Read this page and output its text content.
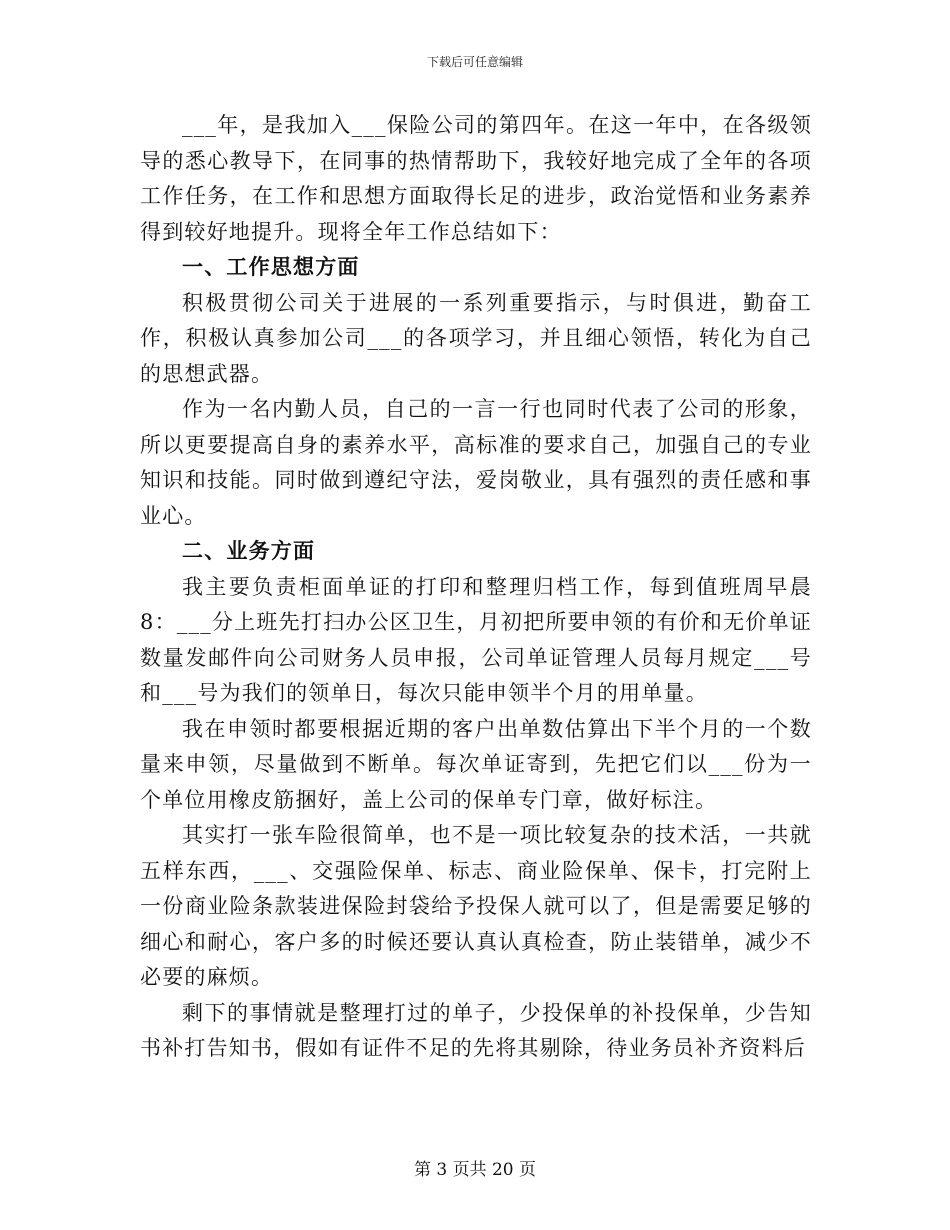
下载后可任意编辑

___年，是我加入___保险公司的第四年。在这一年中，在各级领导的悉心教导下，在同事的热情帮助下，我较好地完成了全年的各项工作任务，在工作和思想方面取得长足的进步，政治觉悟和业务素养得到较好地提升。现将全年工作总结如下：

一、工作思想方面

积极贯彻公司关于进展的一系列重要指示，与时俱进，勤奋工作，积极认真参加公司___的各项学习，并且细心领悟，转化为自己的思想武器。

作为一名内勤人员，自己的一言一行也同时代表了公司的形象，所以更要提高自身的素养水平，高标准的要求自己，加强自己的专业知识和技能。同时做到遵纪守法，爱岗敬业，具有强烈的责任感和事业心。

二、业务方面

我主要负责柜面单证的打印和整理归档工作，每到值班周早晨8：___分上班先打扫办公区卫生，月初把所要申领的有价和无价单证数量发邮件向公司财务人员申报，公司单证管理人员每月规定___号和___号为我们的领单日，每次只能申领半个月的用单量。

我在申领时都要根据近期的客户出单数估算出下半个月的一个数量来申领，尽量做到不断单。每次单证寄到，先把它们以___份为一个单位用橡皮筋捆好，盖上公司的保单专门章，做好标注。

其实打一张车险很简单，也不是一项比较复杂的技术活，一共就五样东西，___、交强险保单、标志、商业险保单、保卡，打完附上一份商业险条款装进保险封袋给予投保人就可以了，但是需要足够的细心和耐心，客户多的时候还要认真认真检查，防止装错单，减少不必要的麻烦。

剩下的事情就是整理打过的单子，少投保单的补投保单，少告知书补打告知书，假如有证件不足的先将其剔除，待业务员补齐资料后

第 3 页共 20 页
